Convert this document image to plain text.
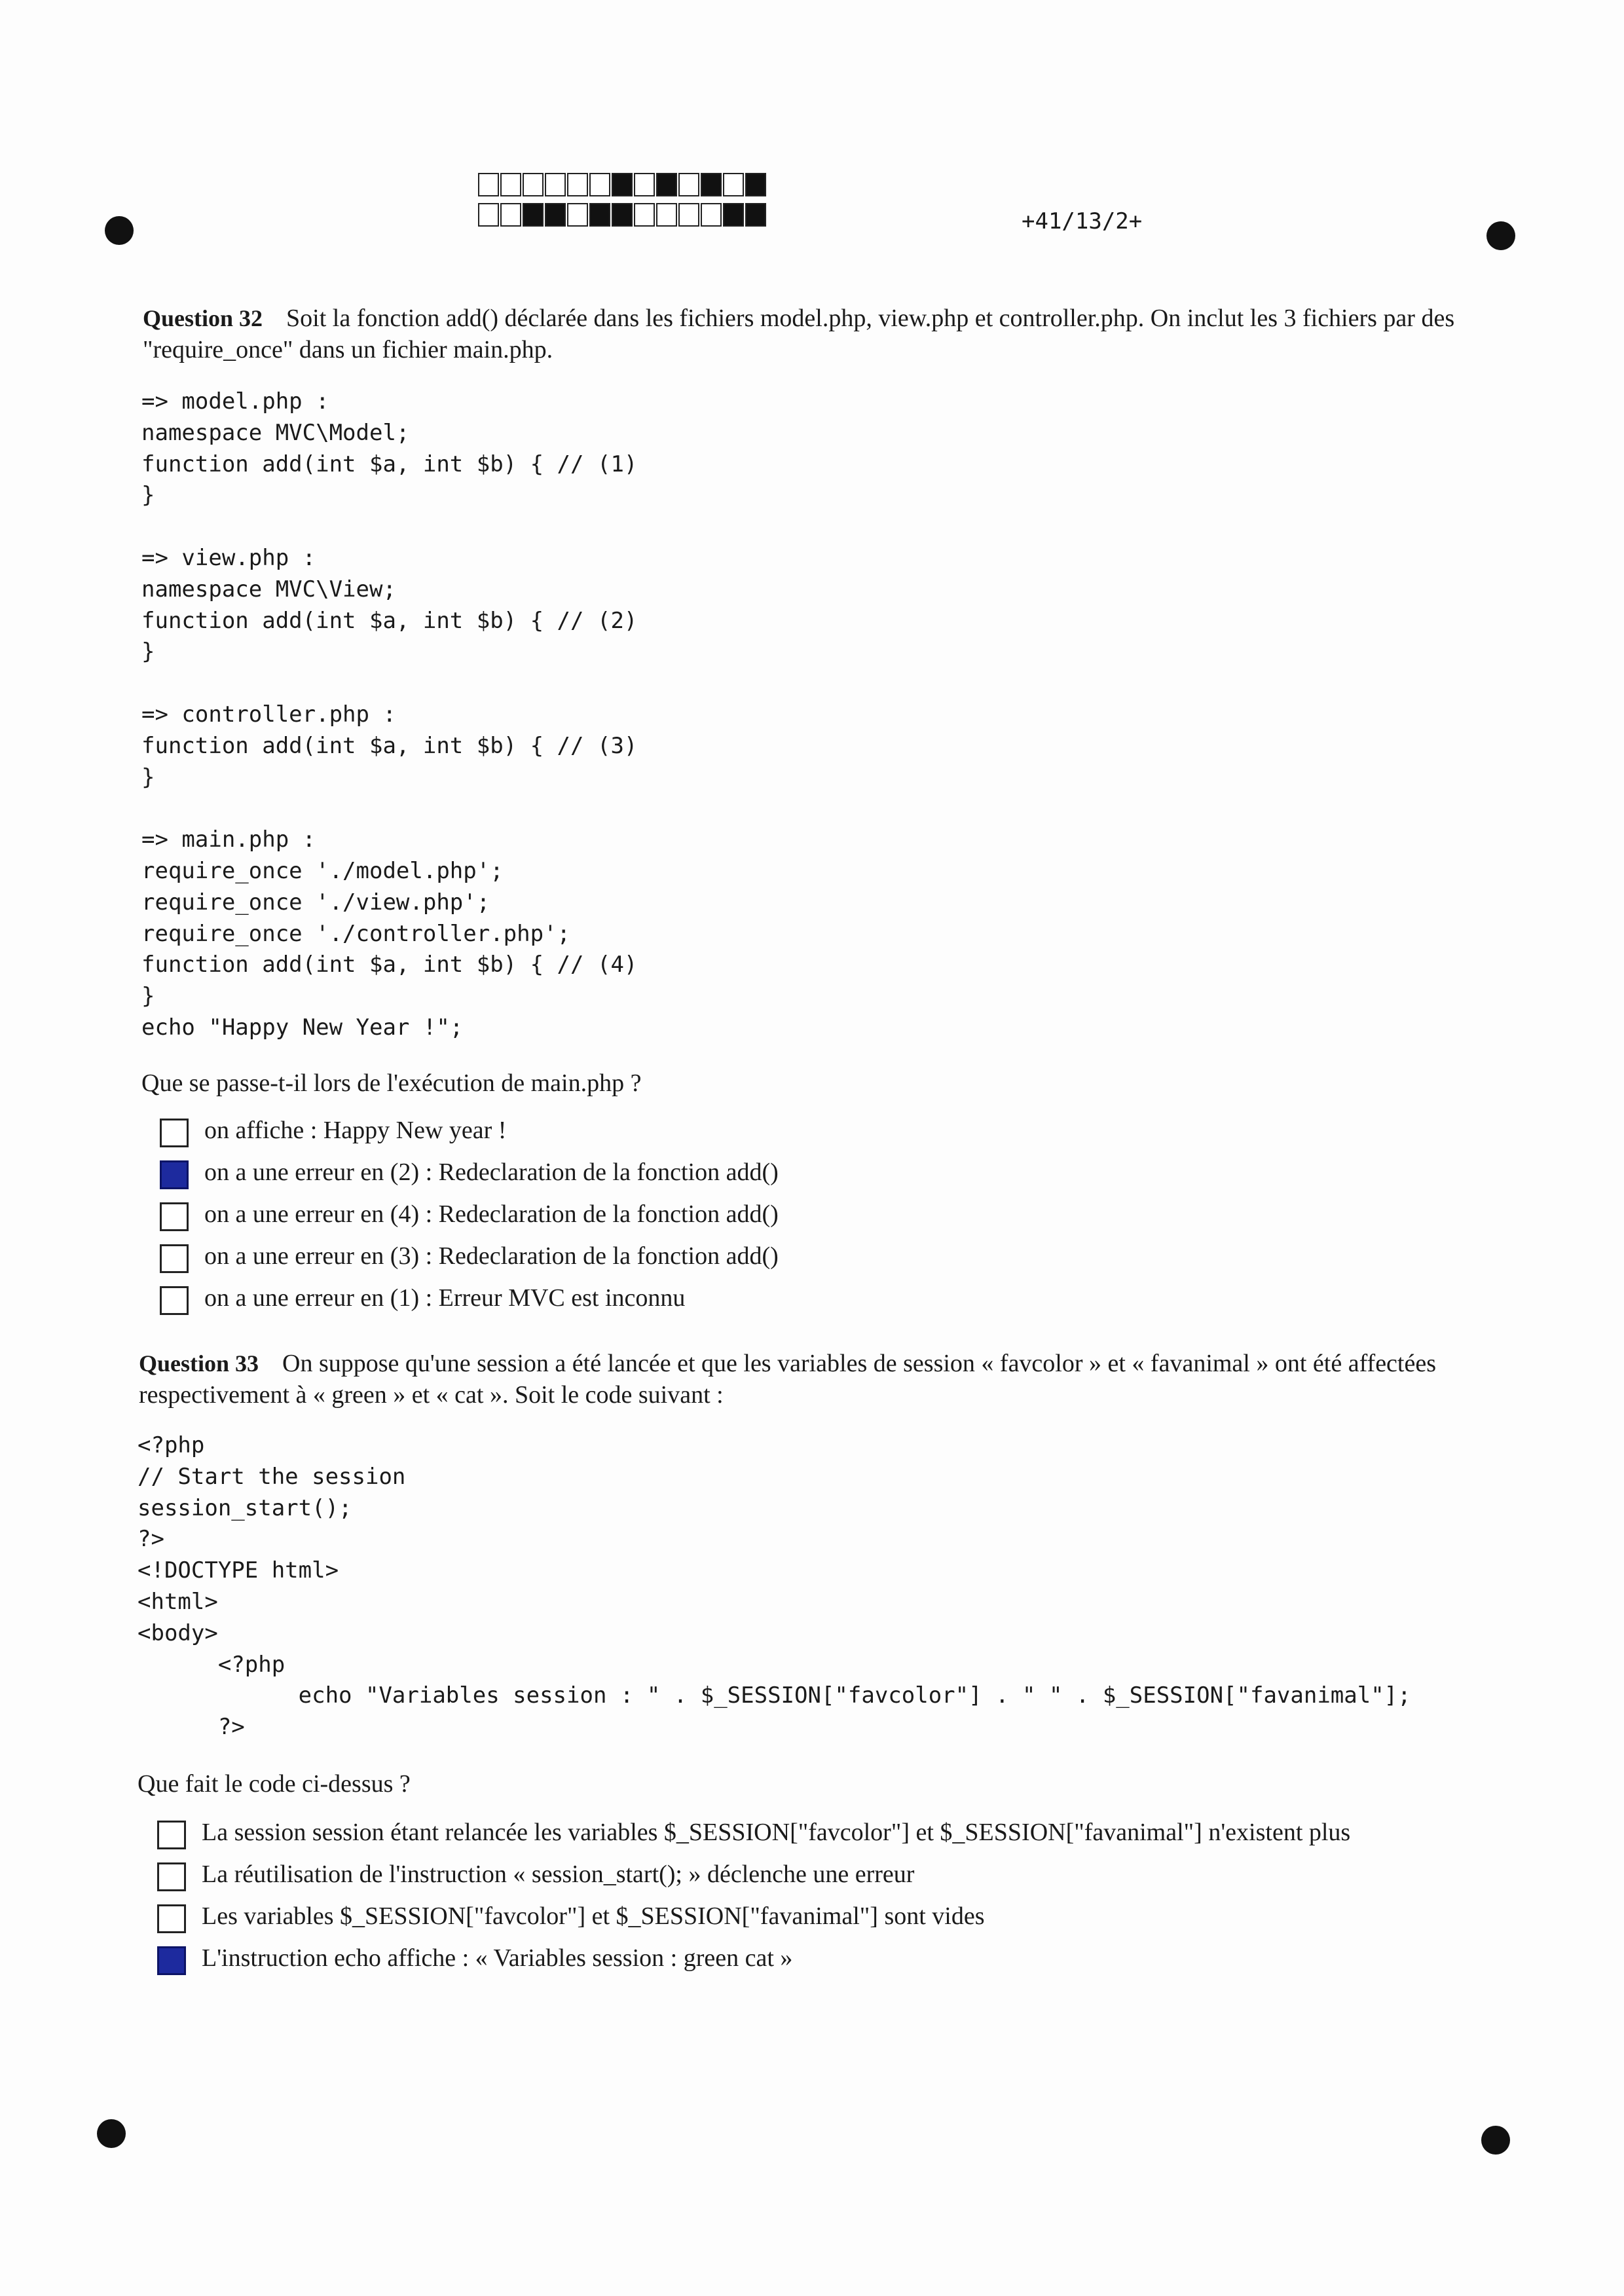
+41/13/2+
Question 32 Soit la fonction add() déclarée dans les fichiers model.php, view.php et controller.php. On inclut les 3 fichiers par des "require_once" dans un fichier main.php.
=> model.php :
namespace MVC\Model;
function add(int $a, int $b) { // (1)
}

=> view.php :
namespace MVC\View;
function add(int $a, int $b) { // (2)
}

=> controller.php :
function add(int $a, int $b) { // (3)
}

=> main.php :
require_once './model.php';
require_once './view.php';
require_once './controller.php';
function add(int $a, int $b) { // (4)
}
echo "Happy New Year !";
Que se passe-t-il lors de l'exécution de main.php ?
on affiche : Happy New year !
on a une erreur en (2) : Redeclaration de la fonction add()
on a une erreur en (4) : Redeclaration de la fonction add()
on a une erreur en (3) : Redeclaration de la fonction add()
on a une erreur en (1) : Erreur MVC est inconnu
Question 33 On suppose qu'une session a été lancée et que les variables de session « favcolor » et « favanimal » ont été affectées respectivement à « green » et « cat ». Soit le code suivant :
<?php
// Start the session
session_start();
?>
<!DOCTYPE html>
<html>
<body>
<?php
echo "Variables session : " . $_SESSION["favcolor"] . " " . $_SESSION["favanimal"];
?>
Que fait le code ci-dessus ?
La session session étant relancée les variables $_SESSION["favcolor"] et $_SESSION["favanimal"] n'existent plus
La réutilisation de l'instruction « session_start(); » déclenche une erreur
Les variables $_SESSION["favcolor"] et $_SESSION["favanimal"] sont vides
L'instruction echo affiche : « Variables session : green cat »
